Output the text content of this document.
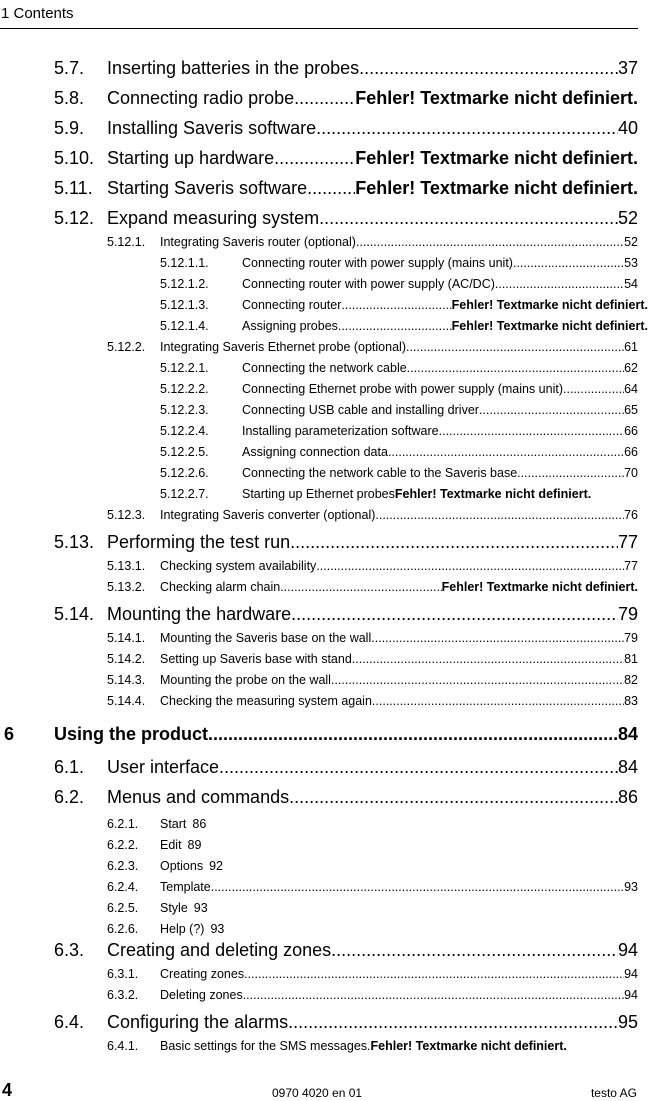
1 Contents
5.7.	Inserting batteries in the probes .....	37
5.8.	Connecting radio probe .....	Fehler! Textmarke nicht definiert.
5.9.	Installing Saveris software .....	40
5.10. Starting up hardware .....	Fehler! Textmarke nicht definiert.
5.11. Starting Saveris software .....	Fehler! Textmarke nicht definiert.
5.12. Expand measuring system .....	52
5.12.1.	Integrating Saveris router (optional) .....	52
5.12.1.1.	Connecting router with power supply (mains unit) .....	53
5.12.1.2.	Connecting router with power supply (AC/DC) .....	54
5.12.1.3.	Connecting router .....	Fehler! Textmarke nicht definiert.
5.12.1.4.	Assigning probes .....	Fehler! Textmarke nicht definiert.
5.12.2.	Integrating Saveris Ethernet probe (optional) .....	61
5.12.2.1.	Connecting the network cable. .....	62
5.12.2.2.	Connecting Ethernet probe with power supply (mains unit). .....	64
5.12.2.3.	Connecting USB cable and installing driver .....	65
5.12.2.4.	Installing parameterization software .....	66
5.12.2.5.	Assigning connection data .....	66
5.12.2.6.	Connecting the network cable to the Saveris base .....	70
5.12.2.7.	Starting up Ethernet probes Fehler! Textmarke nicht definiert.
5.12.3.	Integrating Saveris converter (optional) .....	76
5.13. Performing the test run .....	77
5.13.1.	Checking system availability .....	77
5.13.2.	Checking alarm chain .....	Fehler! Textmarke nicht definiert.
5.14. Mounting the hardware .....	79
5.14.1.	Mounting the Saveris base on the wall .....	79
5.14.2.	Setting up Saveris base with stand .....	81
5.14.3.	Mounting the probe on the wall .....	82
5.14.4.	Checking the measuring system again .....	83
6	Using the product .....	84
6.1.	User interface .....	84
6.2.	Menus and commands .....	86
6.2.1.	Start 86
6.2.2.	Edit 89
6.2.3.	Options 92
6.2.4.	Template .....	93
6.2.5.	Style 93
6.2.6.	Help (?) 93
6.3.	Creating and deleting zones .....	94
6.3.1.	Creating zones .....	94
6.3.2.	Deleting zones .....	94
6.4.	Configuring the alarms .....	95
6.4.1.	Basic settings for the SMS messages. Fehler! Textmarke nicht definiert.
4	0970 4020 en 01	testo AG
